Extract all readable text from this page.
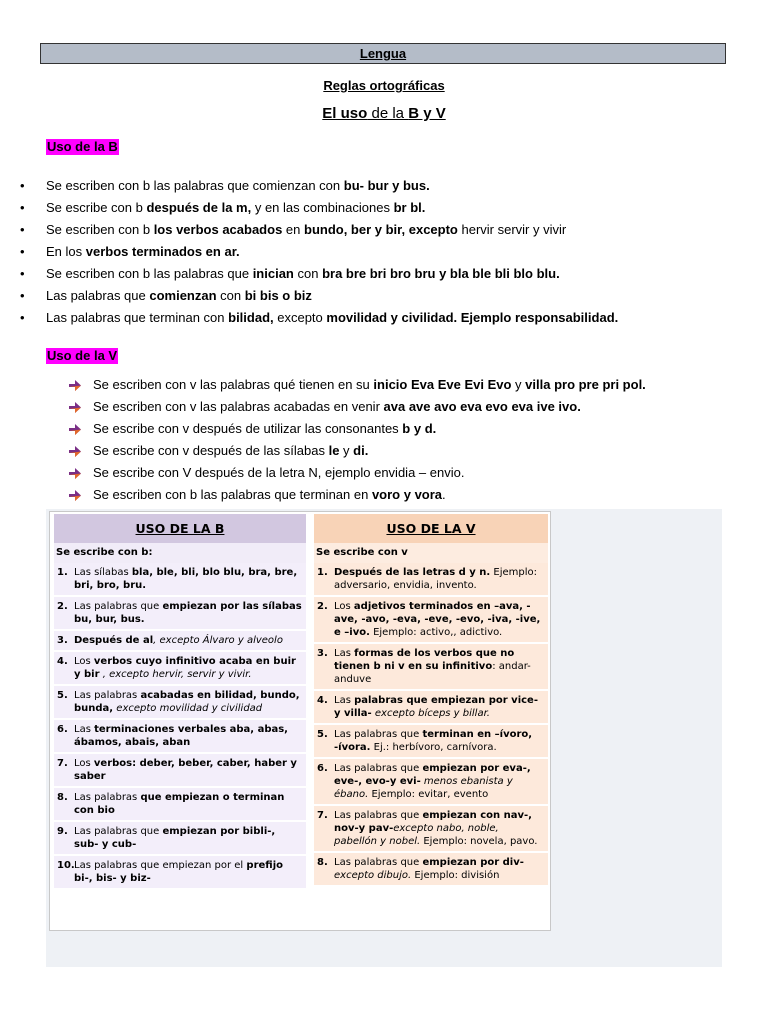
Lengua
Reglas ortográficas
El uso de la B y V
Uso de la B
• Se escriben con b las palabras que comienzan con bu- bur y bus.
• Se escribe con b después de la m, y en las combinaciones br bl.
• Se escriben con b los verbos acabados en bundo, ber y bir, excepto hervir servir y vivir
• En los verbos terminados en ar.
• Se escriben con b las palabras que inician con bra bre bri bro bru y bla ble bli blo blu.
• Las palabras que comienzan con bi bis o biz
• Las palabras que terminan con bilidad, excepto movilidad y civilidad. Ejemplo responsabilidad.
Uso de la V
Se escriben con v las palabras qué tienen en su inicio Eva Eve Evi Evo y villa pro pre pri pol.
Se escriben con v las palabras acabadas en venir ava ave avo eva evo eva ive ivo.
Se escribe con v después de utilizar las consonantes b y d.
Se escribe con v después de las sílabas le y di.
Se escribe con V después de la letra N, ejemplo envidia – envio.
Se escriben con b las palabras que terminan en voro y vora.
USO DE LA B
Se escribe con b:
1. Las sílabas bla, ble, bli, blo blu, bra, bre, bri, bro, bru.
2. Las palabras que empiezan por las sílabas bu, bur, bus.
3. Después de al, excepto Álvaro y alveolo
4. Los verbos cuyo infinitivo acaba en buir y bir , excepto hervir, servir y vivir.
5. Las palabras acabadas en bilidad, bundo, bunda, excepto movilidad y civilidad
6. Las terminaciones verbales aba, abas, ábamos, abais, aban
7. Los verbos: deber, beber, caber, haber y saber
8. Las palabras que empiezan o terminan con bio
9. Las palabras que empiezan por bibli-, sub- y cub-
10. Las palabras que empiezan por el prefijo bi-, bis- y biz-
USO DE LA V
Se escribe con v
1. Después de las letras d y n. Ejemplo: adversario, envidia, invento.
2. Los adjetivos terminados en –ava, -ave, -avo, -eva, -eve, -evo, -iva, -ive, e –ivo. Ejemplo: activo,, adictivo.
3. Las formas de los verbos que no tienen b ni v en su infinitivo: andar- anduve
4. Las palabras que empiezan por vice- y villa- excepto bíceps y billar.
5. Las palabras que terminan en –ívoro, -ívora. Ej.: herbívoro, carnívora.
6. Las palabras que empiezan por eva-, eve-, evo-y evi- menos ebanista y ébano. Ejemplo: evitar, evento
7. Las palabras que empiezan con nav-, nov-y pav-excepto nabo, noble, pabellón y nobel. Ejemplo: novela, pavo.
8. Las palabras que empiezan por div- excepto dibujo. Ejemplo: división
